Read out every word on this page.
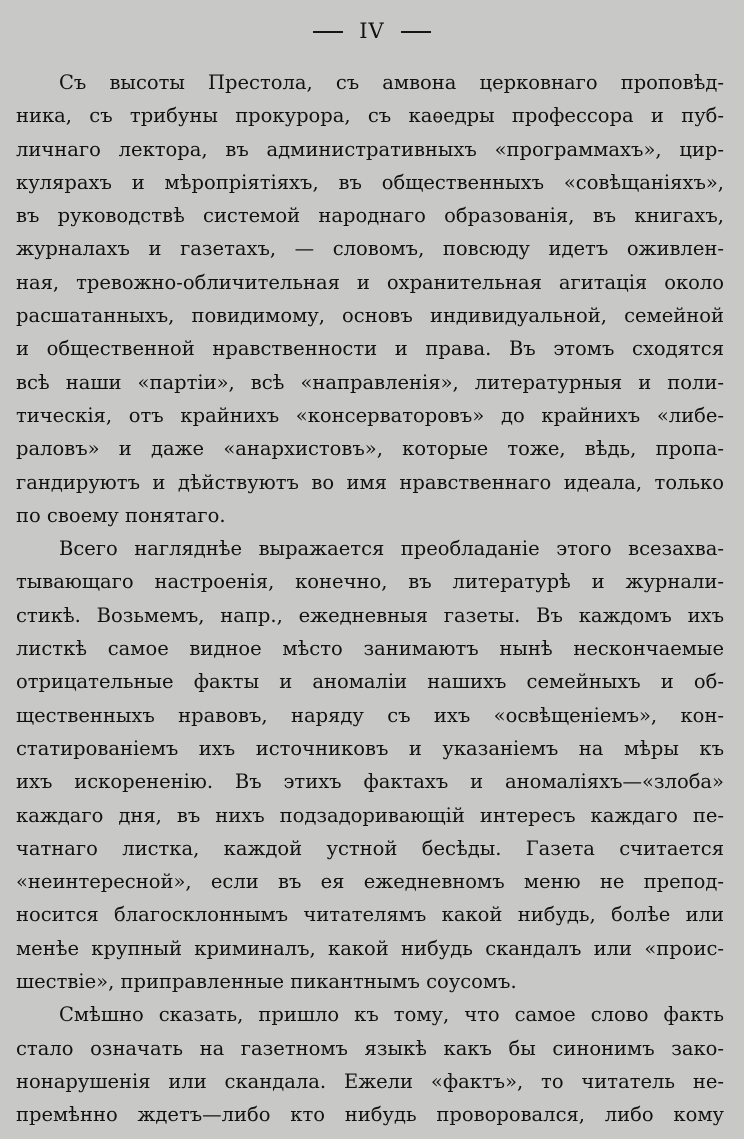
IV
Съ высоты Престола, съ амвона церковнаго проповѣд-
ника, съ трибуны прокурора, съ каѳедры профессора и пуб-
личнаго лектора, въ административныхъ «программахъ», цир-
кулярахъ и мѣропріятіяхъ, въ общественныхъ «совѣщаніяхъ»,
въ руководствѣ системой народнаго образованія, въ книгахъ,
журналахъ и газетахъ, — словомъ, повсюду идетъ оживлен-
ная, тревожно-обличительная и охранительная агитація около
расшатанныхъ, повидимому, основъ индивидуальной, семейной
и общественной нравственности и права. Въ этомъ сходятся
всѣ наши «партіи», всѣ «направленія», литературныя и поли-
тическія, отъ крайнихъ «консерваторовъ» до крайнихъ «либе-
раловъ» и даже «анархистовъ», которые тоже, вѣдь, пропа-
гандируютъ и дѣйствуютъ во имя нравственнаго идеала, только
по своему понятаго.
Всего нагляднѣе выражается преобладаніе этого всезахва-
тывающаго настроенія, конечно, въ литературѣ и журнали-
стикѣ. Возьмемъ, напр., ежедневныя газеты. Въ каждомъ ихъ
листкѣ самое видное мѣсто занимаютъ нынѣ нескончаемые
отрицательные факты и аномаліи нашихъ семейныхъ и об-
щественныхъ нравовъ, наряду съ ихъ «освѣщеніемъ», кон-
статированіемъ ихъ источниковъ и указаніемъ на мѣры къ
ихъ искорененію. Въ этихъ фактахъ и аномаліяхъ—«злоба»
каждаго дня, въ нихъ подзадоривающій интересъ каждаго пе-
чатнаго листка, каждой устной бесѣды. Газета считается
«неинтересной», если въ ея ежедневномъ меню не препод-
носится благосклоннымъ читателямъ какой нибудь, болѣе или
менѣе крупный криминалъ, какой нибудь скандалъ или «проис-
шествіе», приправленные пикантнымъ соусомъ.
Смѣшно сказать, пришло къ тому, что самое слово факть
стало означать на газетномъ языкѣ какъ бы синонимъ зако-
нонарушенія или скандала. Ежели «фактъ», то читатель не-
премѣнно ждетъ—либо кто нибудь проворовался, либо кому
